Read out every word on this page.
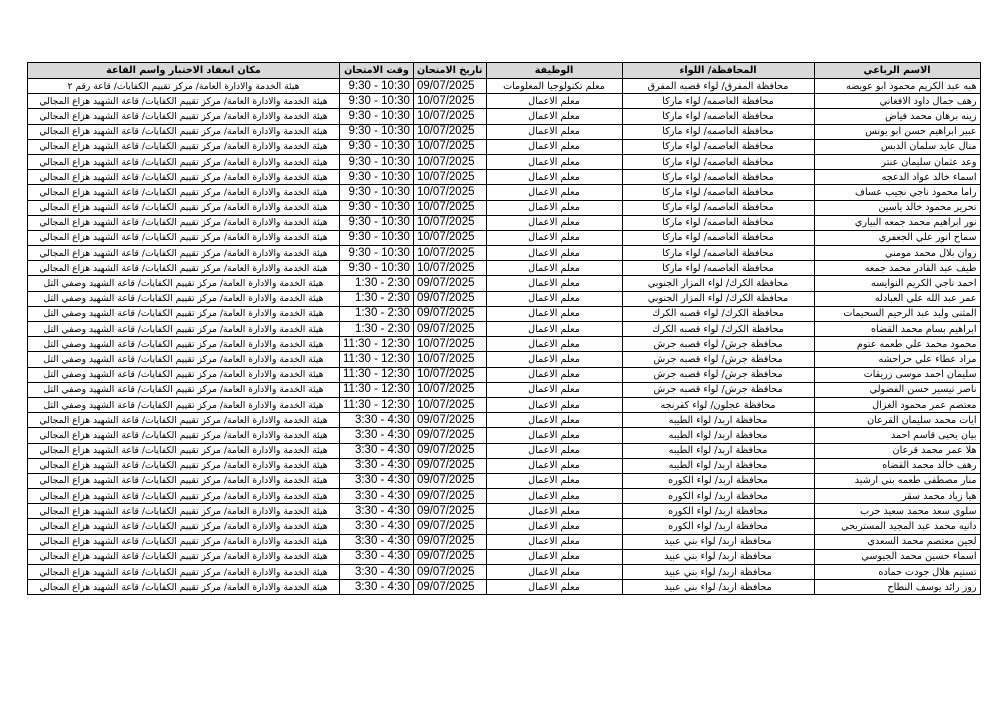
مكان انعقاد الاختبار واسم القاعة	وقت الامتحان	تاريخ الامتحان	الوظيفة	المحافظة/ اللواء	الاسم الرباعي
هيئة الخدمة والادارة العامة/ مركز تقييم الكفايات/ قاعة رقم ٢	9:30 - 10:30	09/07/2025	معلم تكنولوجيا المعلومات	محافظة المفرق/ لواء قصبه المفرق	هبه عبد الكريم محمود ابو عويضه
هيئة الخدمة والادارة العامة/ مركز تقييم الكفايات/ قاعة الشهيد هزاع المجالي	9:30 - 10:30	10/07/2025	معلم الاعمال	محافظة العاصمه/ لواء ماركا	رهف جمال داود الافغاني
هيئة الخدمة والادارة العامة/ مركز تقييم الكفايات/ قاعة الشهيد هزاع المجالي	9:30 - 10:30	10/07/2025	معلم الاعمال	محافظة العاصمه/ لواء ماركا	زينه برهان محمد فياض
هيئة الخدمة والادارة العامة/ مركز تقييم الكفايات/ قاعة الشهيد هزاع المجالي	9:30 - 10:30	10/07/2025	معلم الاعمال	محافظة العاصمه/ لواء ماركا	عبير ابراهيم حسن ابو يونس
هيئة الخدمة والادارة العامة/ مركز تقييم الكفايات/ قاعة الشهيد هزاع المجالي	9:30 - 10:30	10/07/2025	معلم الاعمال	محافظة العاصمه/ لواء ماركا	منال عايد سلمان الدبس
هيئة الخدمة والادارة العامة/ مركز تقييم الكفايات/ قاعة الشهيد هزاع المجالي	9:30 - 10:30	10/07/2025	معلم الاعمال	محافظة العاصمه/ لواء ماركا	وعد عثمان سليمان عنتر
هيئة الخدمة والادارة العامة/ مركز تقييم الكفايات/ قاعة الشهيد هزاع المجالي	9:30 - 10:30	10/07/2025	معلم الاعمال	محافظة العاصمه/ لواء ماركا	اسماء خالد عواد الدعجه
هيئة الخدمة والادارة العامة/ مركز تقييم الكفايات/ قاعة الشهيد هزاع المجالي	9:30 - 10:30	10/07/2025	معلم الاعمال	محافظة العاصمه/ لواء ماركا	راما محمود ناجي نجيب عساف
هيئة الخدمة والادارة العامة/ مركز تقييم الكفايات/ قاعة الشهيد هزاع المجالي	9:30 - 10:30	10/07/2025	معلم الاعمال	محافظة العاصمه/ لواء ماركا	تحرير محمود خالد ياسين
هيئة الخدمة والادارة العامة/ مركز تقييم الكفايات/ قاعة الشهيد هزاع المجالي	9:30 - 10:30	10/07/2025	معلم الاعمال	محافظة العاصمه/ لواء ماركا	نور ابراهيم محمد جمعه البياري
هيئة الخدمة والادارة العامة/ مركز تقييم الكفايات/ قاعة الشهيد هزاع المجالي	9:30 - 10:30	10/07/2025	معلم الاعمال	محافظة العاصمه/ لواء ماركا	سماح انور علي الجعفري
هيئة الخدمة والادارة العامة/ مركز تقييم الكفايات/ قاعة الشهيد هزاع المجالي	9:30 - 10:30	10/07/2025	معلم الاعمال	محافظة العاصمه/ لواء ماركا	روان بلال محمد مومني
هيئة الخدمة والادارة العامة/ مركز تقييم الكفايات/ قاعة الشهيد هزاع المجالي	9:30 - 10:30	10/07/2025	معلم الاعمال	محافظة العاصمه/ لواء ماركا	طيف عبد القادر محمد جمعه
هيئة الخدمة والادارة العامة/ مركز تقييم الكفايات/ قاعة الشهيد وصفي التل	1:30 - 2:30	09/07/2025	معلم الاعمال	محافظة الكرك/ لواء المزار الجنوبي	احمد ناجي الكريم النوايسه
هيئة الخدمة والادارة العامة/ مركز تقييم الكفايات/ قاعة الشهيد وصفي التل	1:30 - 2:30	09/07/2025	معلم الاعمال	محافظة الكرك/ لواء المزار الجنوبي	عمر عبد الله علي العبادله
هيئة الخدمة والادارة العامة/ مركز تقييم الكفايات/ قاعة الشهيد وصفي التل	1:30 - 2:30	09/07/2025	معلم الاعمال	محافظة الكرك/ لواء قصبه الكرك	المثنى وليد عبد الرحيم السحيمات
هيئة الخدمة والادارة العامة/ مركز تقييم الكفايات/ قاعة الشهيد وصفي التل	1:30 - 2:30	09/07/2025	معلم الاعمال	محافظة الكرك/ لواء قصبه الكرك	ابراهيم بسام محمد القضاه
هيئة الخدمة والادارة العامة/ مركز تقييم الكفايات/ قاعة الشهيد وصفي التل	11:30 - 12:30	10/07/2025	معلم الاعمال	محافظة جرش/ لواء قصبه جرش	محمود محمد علي طعمه عتوم
هيئة الخدمة والادارة العامة/ مركز تقييم الكفايات/ قاعة الشهيد وصفي التل	11:30 - 12:30	10/07/2025	معلم الاعمال	محافظة جرش/ لواء قصبه جرش	مراد عطاء علي حراحشه
هيئة الخدمة والادارة العامة/ مركز تقييم الكفايات/ قاعة الشهيد وصفي التل	11:30 - 12:30	10/07/2025	معلم الاعمال	محافظة جرش/ لواء قصبه جرش	سليمان احمد موسى زريقات
هيئة الخدمة والادارة العامة/ مركز تقييم الكفايات/ قاعة الشهيد وصفي التل	11:30 - 12:30	10/07/2025	معلم الاعمال	محافظة جرش/ لواء قصبه جرش	ناصر تيسير حسن الفضولي
هيئة الخدمة والادارة العامة/ مركز تقييم الكفايات/ قاعة الشهيد وصفي التل	11:30 - 12:30	10/07/2025	معلم الاعمال	محافظة عجلون/ لواء كفرنجه	معتصم عمر محمود الغزال
هيئة الخدمة والادارة العامة/ مركز تقييم الكفايات/ قاعة الشهيد هزاع المجالي	3:30 - 4:30	09/07/2025	معلم الاعمال	محافظة اربد/ لواء الطيبه	ايات محمد سليمان القرعان
هيئة الخدمة والادارة العامة/ مركز تقييم الكفايات/ قاعة الشهيد هزاع المجالي	3:30 - 4:30	09/07/2025	معلم الاعمال	محافظة اربد/ لواء الطيبه	بيان يحيى قاسم احمد
هيئة الخدمة والادارة العامة/ مركز تقييم الكفايات/ قاعة الشهيد هزاع المجالي	3:30 - 4:30	09/07/2025	معلم الاعمال	محافظة اربد/ لواء الطيبه	هلا عمر محمد قرعان
هيئة الخدمة والادارة العامة/ مركز تقييم الكفايات/ قاعة الشهيد هزاع المجالي	3:30 - 4:30	09/07/2025	معلم الاعمال	محافظة اربد/ لواء الطيبه	رهف خالد محمد القضاه
هيئة الخدمة والادارة العامة/ مركز تقييم الكفايات/ قاعة الشهيد هزاع المجالي	3:30 - 4:30	09/07/2025	معلم الاعمال	محافظة اربد/ لواء الكوره	منار مصطفى طعمه بني ارشيد
هيئة الخدمة والادارة العامة/ مركز تقييم الكفايات/ قاعة الشهيد هزاع المجالي	3:30 - 4:30	09/07/2025	معلم الاعمال	محافظة اربد/ لواء الكوره	هيا زياد محمد سقر
هيئة الخدمة والادارة العامة/ مركز تقييم الكفايات/ قاعة الشهيد هزاع المجالي	3:30 - 4:30	09/07/2025	معلم الاعمال	محافظة اربد/ لواء الكوره	سلوى سعد محمد سعيد حرب
هيئة الخدمة والادارة العامة/ مركز تقييم الكفايات/ قاعة الشهيد هزاع المجالي	3:30 - 4:30	09/07/2025	معلم الاعمال	محافظة اربد/ لواء الكوره	دانيه محمد عبد المجيد المستريحي
هيئة الخدمة والادارة العامة/ مركز تقييم الكفايات/ قاعة الشهيد هزاع المجالي	3:30 - 4:30	09/07/2025	معلم الاعمال	محافظة اربد/ لواء بني عبيد	لجين معتصم محمد السعدي
هيئة الخدمة والادارة العامة/ مركز تقييم الكفايات/ قاعة الشهيد هزاع المجالي	3:30 - 4:30	09/07/2025	معلم الاعمال	محافظة اربد/ لواء بني عبيد	اسماء حسين محمد الجيوسي
هيئة الخدمة والادارة العامة/ مركز تقييم الكفايات/ قاعة الشهيد هزاع المجالي	3:30 - 4:30	09/07/2025	معلم الاعمال	محافظة اربد/ لواء بني عبيد	تسنيم هلال جودت حماده
هيئة الخدمة والادارة العامة/ مركز تقييم الكفايات/ قاعة الشهيد هزاع المجالي	3:30 - 4:30	09/07/2025	معلم الاعمال	محافظة اربد/ لواء بني عبيد	روز رائد يوسف النطاح
